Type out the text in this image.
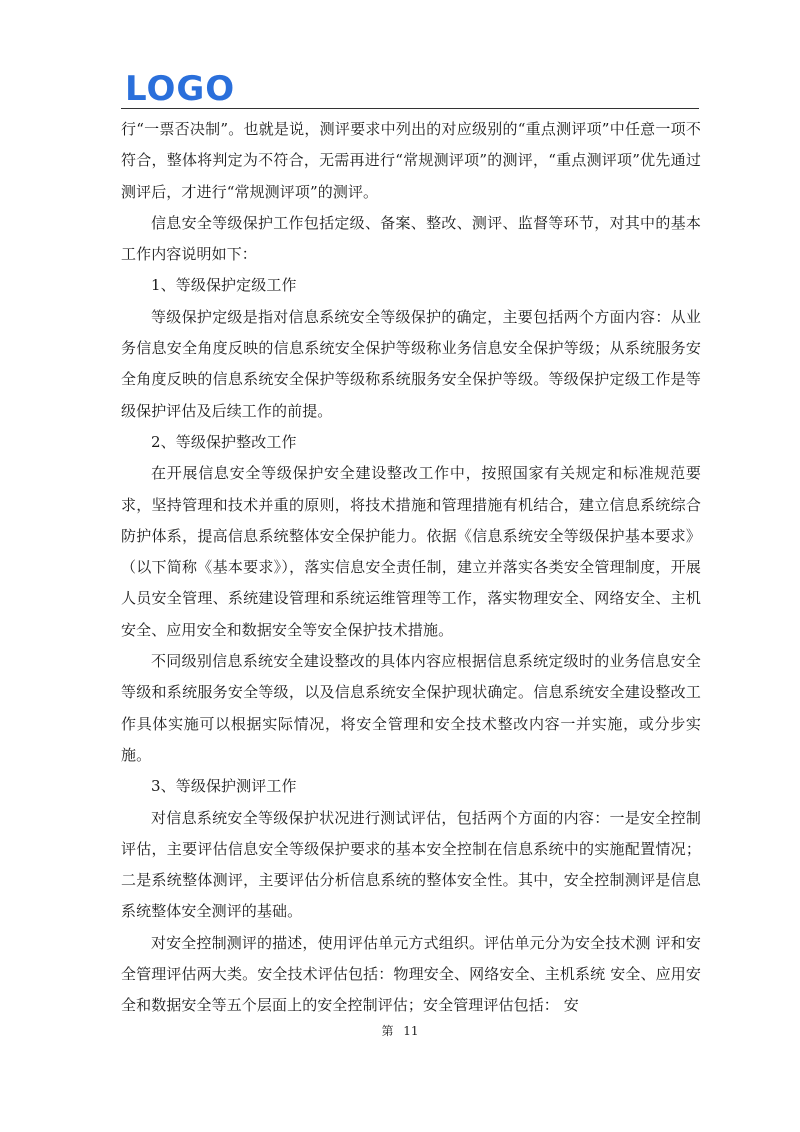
LOGO

行“一票否决制”。也就是说，测评要求中列出的对应级别的“重点测评项”中任意一项不符合，整体将判定为不符合，无需再进行“常规测评项”的测评，“重点测评项”优先通过测评后，才进行“常规测评项”的测评。

信息安全等级保护工作包括定级、备案、整改、测评、监督等环节，对其中的基本工作内容说明如下：

1、等级保护定级工作

等级保护定级是指对信息系统安全等级保护的确定，主要包括两个方面内容：从业务信息安全角度反映的信息系统安全保护等级称业务信息安全保护等级；从系统服务安全角度反映的信息系统安全保护等级称系统服务安全保护等级。等级保护定级工作是等级保护评估及后续工作的前提。

2、等级保护整改工作

在开展信息安全等级保护安全建设整改工作中，按照国家有关规定和标准规范要求，坚持管理和技术并重的原则，将技术措施和管理措施有机结合，建立信息系统综合防护体系，提高信息系统整体安全保护能力。依据《信息系统安全等级保护基本要求》（以下简称《基本要求》），落实信息安全责任制，建立并落实各类安全管理制度，开展人员安全管理、系统建设管理和系统运维管理等工作，落实物理安全、网络安全、主机安全、应用安全和数据安全等安全保护技术措施。

不同级别信息系统安全建设整改的具体内容应根据信息系统定级时的业务信息安全等级和系统服务安全等级，以及信息系统安全保护现状确定。信息系统安全建设整改工作具体实施可以根据实际情况，将安全管理和安全技术整改内容一并实施，或分步实施。

3、等级保护测评工作

对信息系统安全等级保护状况进行测试评估，包括两个方面的内容：一是安全控制评估，主要评估信息安全等级保护要求的基本安全控制在信息系统中的实施配置情况；二是系统整体测评，主要评估分析信息系统的整体安全性。其中，安全控制测评是信息系统整体安全测评的基础。

对安全控制测评的描述，使用评估单元方式组织。评估单元分为安全技术测 评和安全管理评估两大类。安全技术评估包括：物理安全、网络安全、主机系统 安全、应用安全和数据安全等五个层面上的安全控制评估；安全管理评估包括： 安

第 11
